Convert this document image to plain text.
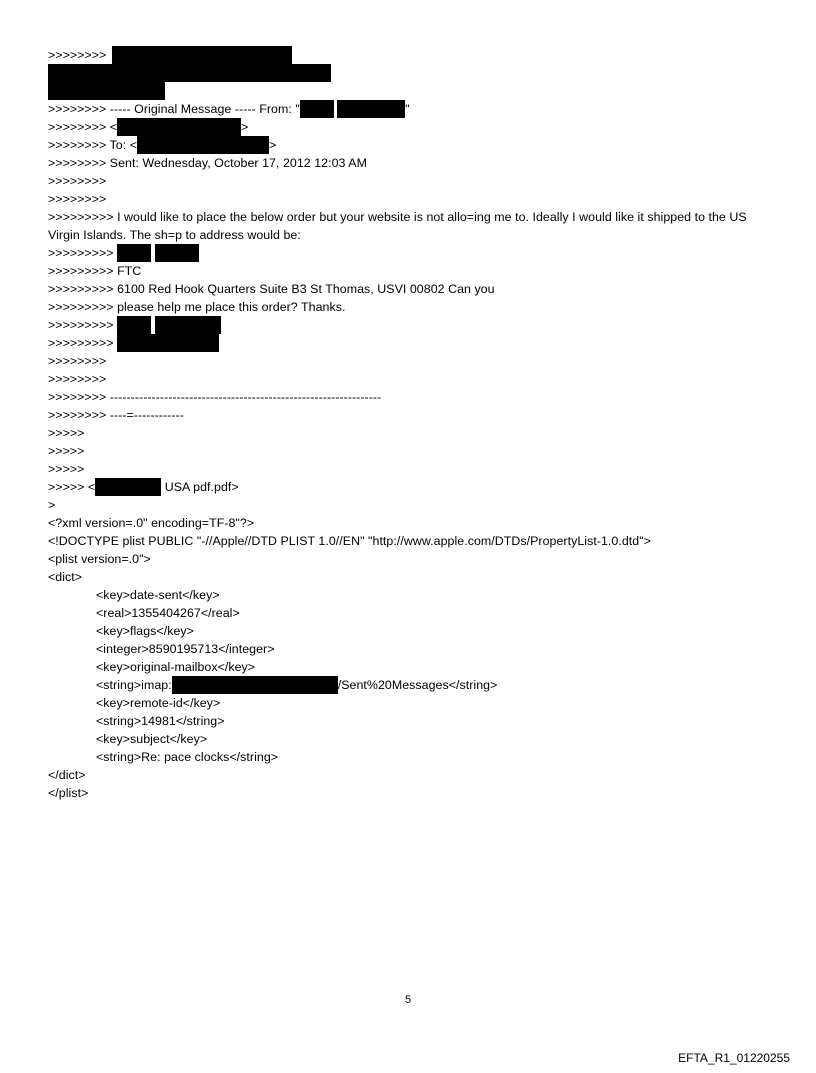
>>>>>>>>
>>>>>>>> ----- Original Message ----- From: "	"
>>>>>>>> <	>
>>>>>>>> To: <	>
>>>>>>>> Sent: Wednesday, October 17, 2012 12:03 AM
>>>>>>>>
>>>>>>>>
>>>>>>>>> I would like to place the below order but your website is not allo=ing me to. Ideally I would like it shipped to the US Virgin Islands. The sh=p to address would be:
>>>>>>>>>
>>>>>>>>> FTC
>>>>>>>>> 6100 Red Hook Quarters Suite B3 St Thomas, USVI 00802 Can you
>>>>>>>>> please help me place this order? Thanks.
>>>>>>>>>
>>>>>>>>>
>>>>>>>>
>>>>>>>>
>>>>>>>> -----------------------------------------------------------------
>>>>>>>> ----=------------
>>>>>
>>>>>
>>>>>
>>>>> <	USA pdf.pdf>
>
<?xml version=.0" encoding=TF-8"?>
<!DOCTYPE plist PUBLIC "-//Apple//DTD PLIST 1.0//EN" "http://www.apple.com/DTDs/PropertyList-1.0.dtd">
<plist version=.0">
<dict>
<key>date-sent</key>
<real>1355404267</real>
<key>flags</key>
<integer>8590195713</integer>
<key>original-mailbox</key>
<string>imap:	/Sent%20Messages</string>
<key>remote-id</key>
<string>14981</string>
<key>subject</key>
<string>Re: pace clocks</string>
</dict>
</plist>
5
EFTA_R1_01220255
